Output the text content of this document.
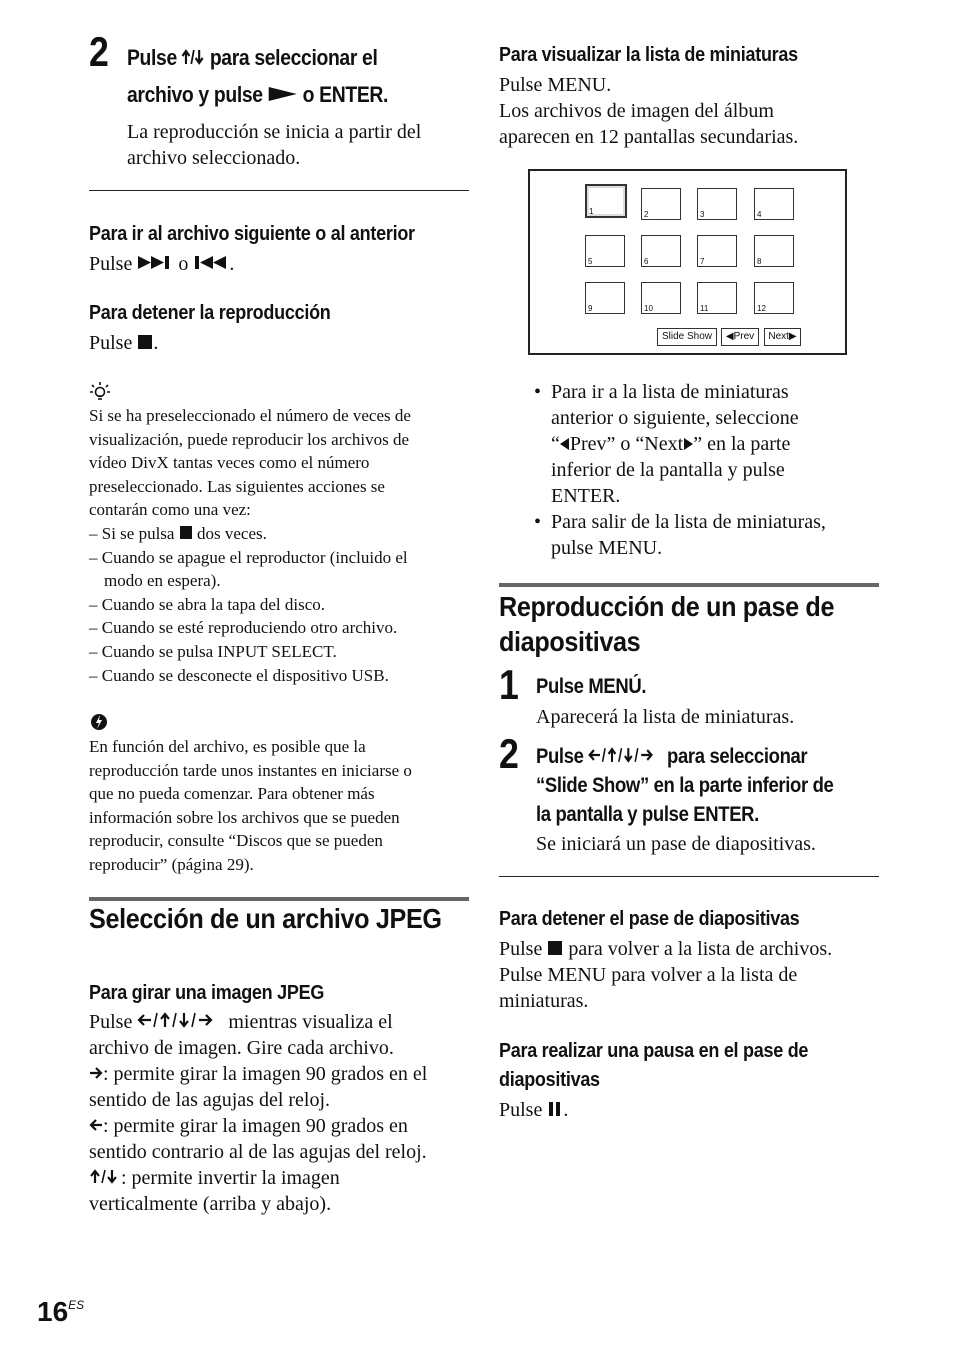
2 Pulse  para seleccionar el
archivo y pulse  o ENTER.
La reproducción se inicia a partir del
archivo seleccionado.
Para ir al archivo siguiente o al anterior
Pulse  o .
Para detener la reproducción
Pulse .
Si se ha preseleccionado el número de veces de
visualización, puede reproducir los archivos de
vídeo DivX tantas veces como el número
preseleccionado. Las siguientes acciones se
contarán como una vez:
– Si se pulsa  dos veces.
– Cuando se apague el reproductor (incluido el
modo en espera).
– Cuando se abra la tapa del disco.
– Cuando se esté reproduciendo otro archivo.
– Cuando se pulsa INPUT SELECT.
– Cuando se desconecte el dispositivo USB.
En función del archivo, es posible que la
reproducción tarde unos instantes en iniciarse o
que no pueda comenzar. Para obtener más
información sobre los archivos que se pueden
reproducir, consulte “Discos que se pueden
reproducir” (página 29).
Selección de un archivo JPEG
Para girar una imagen JPEG
Pulse	mientras visualiza el
archivo de imagen. Gire cada archivo.
: permite girar la imagen 90 grados en el
sentido de las agujas del reloj.
: permite girar la imagen 90 grados en
sentido contrario al de las agujas del reloj.
: permite invertir la imagen
verticalmente (arriba y abajo).
Para visualizar la lista de miniaturas
Pulse MENU.
Los archivos de imagen del álbum
aparecen en 12 pantallas secundarias.
1	2	3	4
5	6	7	8
9	10	11	12
Slide Show	◀Prev	Next▶
• Para ir a la lista de miniaturas
anterior o siguiente, seleccione
“ Prev” o “Next ” en la parte
inferior de la pantalla y pulse
ENTER.
• Para salir de la lista de miniaturas,
pulse MENU.
Reproducción de un pase de
diapositivas
1 Pulse MENÚ.
Aparecerá la lista de miniaturas.
2 Pulse	para seleccionar
“Slide Show” en la parte inferior de
la pantalla y pulse ENTER.
Se iniciará un pase de diapositivas.
Para detener el pase de diapositivas
Pulse  para volver a la lista de archivos.
Pulse MENU para volver a la lista de
miniaturas.
Para realizar una pausa en el pase de
diapositivas
Pulse .
$16^{ES}$
